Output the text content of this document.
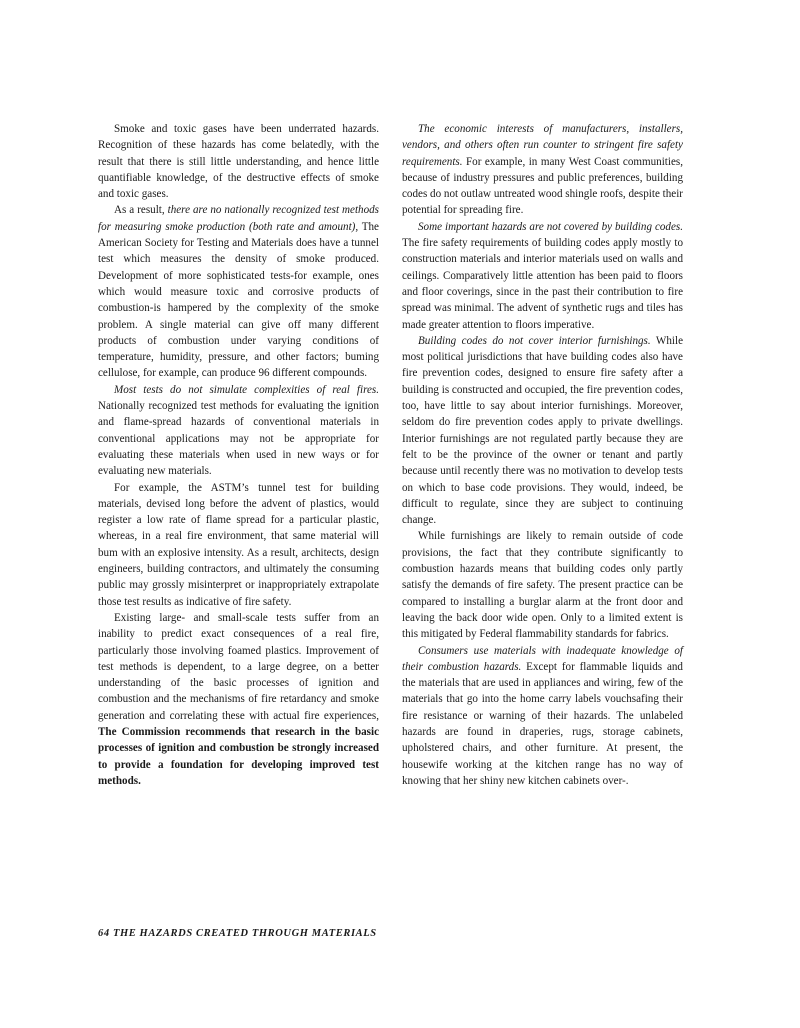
Smoke and toxic gases have been underrated hazards. Recognition of these hazards has come belatedly, with the result that there is still little understanding, and hence little quantifiable knowledge, of the destructive effects of smoke and toxic gases.

As a result, there are no nationally recognized test methods for measuring smoke production (both rate and amount), The American Society for Testing and Materials does have a tunnel test which measures the density of smoke produced. Development of more sophisticated tests-for example, ones which would measure toxic and corrosive products of combustion-is hampered by the complexity of the smoke problem. A single material can give off many different products of combustion under varying conditions of temperature, humidity, pressure, and other factors; buming cellulose, for example, can produce 96 different compounds.

Most tests do not simulate complexities of real fires. Nationally recognized test methods for evaluating the ignition and flame-spread hazards of conventional materials in conventional applications may not be appropriate for evaluating these materials when used in new ways or for evaluating new materials.

For example, the ASTM’s tunnel test for building materials, devised long before the advent of plastics, would register a low rate of flame spread for a particular plastic, whereas, in a real fire environment, that same material will bum with an explosive intensity. As a result, architects, design engineers, building contractors, and ultimately the consuming public may grossly misinterpret or inappropriately extrapolate those test results as indicative of fire safety.

Existing large- and small-scale tests suffer from an inability to predict exact consequences of a real fire, particularly those involving foamed plastics. Improvement of test methods is dependent, to a large degree, on a better understanding of the basic processes of ignition and combustion and the mechanisms of fire retardancy and smoke generation and correlating these with actual fire experiences, The Commission recommends that research in the basic processes of ignition and combustion be strongly increased to provide a foundation for developing improved test methods.

The economic interests of manufacturers, installers, vendors, and others often run counter to stringent fire safety requirements. For example, in many West Coast communities, because of industry pressures and public preferences, building codes do not outlaw untreated wood shingle roofs, despite their potential for spreading fire.

Some important hazards are not covered by building codes. The fire safety requirements of building codes apply mostly to construction materials and interior materials used on walls and ceilings. Comparatively little attention has been paid to floors and floor coverings, since in the past their contribution to fire spread was minimal. The advent of synthetic rugs and tiles has made greater attention to floors imperative.

Building codes do not cover interior furnishings. While most political jurisdictions that have building codes also have fire prevention codes, designed to ensure fire safety after a building is constructed and occupied, the fire prevention codes, too, have little to say about interior furnishings. Moreover, seldom do fire prevention codes apply to private dwellings. Interior furnishings are not regulated partly because they are felt to be the province of the owner or tenant and partly because until recently there was no motivation to develop tests on which to base code provisions. They would, indeed, be difficult to regulate, since they are subject to continuing change.

While furnishings are likely to remain outside of code provisions, the fact that they contribute significantly to combustion hazards means that building codes only partly satisfy the demands of fire safety. The present practice can be compared to installing a burglar alarm at the front door and leaving the back door wide open. Only to a limited extent is this mitigated by Federal flammability standards for fabrics.

Consumers use materials with inadequate knowledge of their combustion hazards. Except for flammable liquids and the materials that are used in appliances and wiring, few of the materials that go into the home carry labels vouchsafing their fire resistance or warning of their hazards. The unlabeled hazards are found in draperies, rugs, storage cabinets, upholstered chairs, and other furniture. At present, the housewife working at the kitchen range has no way of knowing that her shiny new kitchen cabinets over-.

64 THE HAZARDS CREATED THROUGH MATERIALS
